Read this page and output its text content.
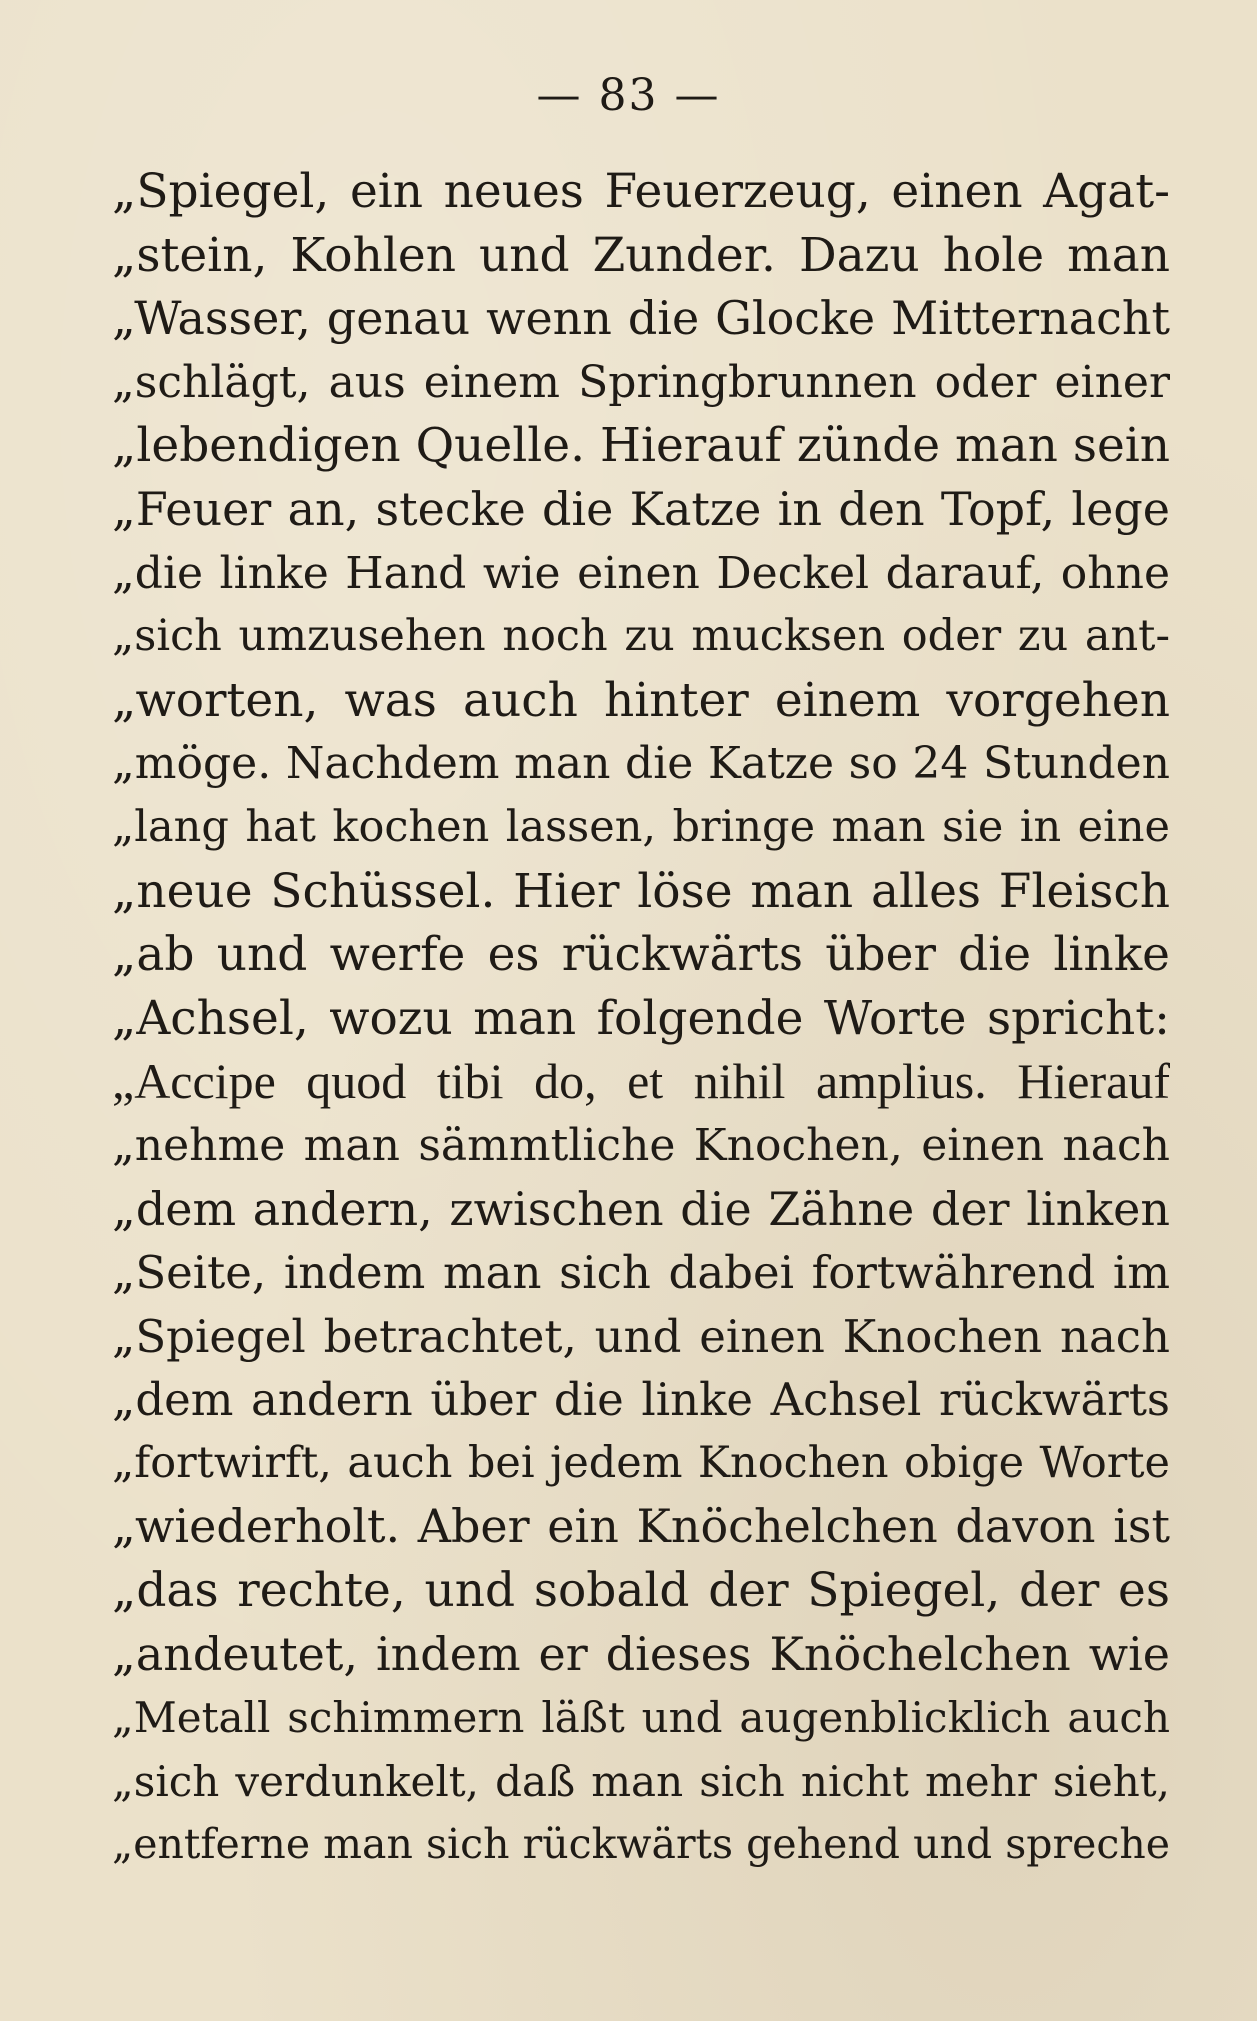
— 83 —
„Spiegel, ein neues Feuerzeug, einen Agat-
„stein, Kohlen und Zunder. Dazu hole man
„Wasser, genau wenn die Glocke Mitternacht
„schlägt, aus einem Springbrunnen oder einer
„lebendigen Quelle. Hierauf zünde man sein
„Feuer an, stecke die Katze in den Topf, lege
„die linke Hand wie einen Deckel darauf, ohne
„sich umzusehen noch zu mucksen oder zu ant-
„worten, was auch hinter einem vorgehen
„möge. Nachdem man die Katze so 24 Stunden
„lang hat kochen lassen, bringe man sie in eine
„neue Schüssel. Hier löse man alles Fleisch
„ab und werfe es rückwärts über die linke
„Achsel, wozu man folgende Worte spricht:
„Accipe quod tibi do, et nihil amplius. Hierauf
„nehme man sämmtliche Knochen, einen nach
„dem andern, zwischen die Zähne der linken
„Seite, indem man sich dabei fortwährend im
„Spiegel betrachtet, und einen Knochen nach
„dem andern über die linke Achsel rückwärts
„fortwirft, auch bei jedem Knochen obige Worte
„wiederholt. Aber ein Knöchelchen davon ist
„das rechte, und sobald der Spiegel, der es
„andeutet, indem er dieses Knöchelchen wie
„Metall schimmern läßt und augenblicklich auch
„sich verdunkelt, daß man sich nicht mehr sieht,
„entferne man sich rückwärts gehend und spreche
